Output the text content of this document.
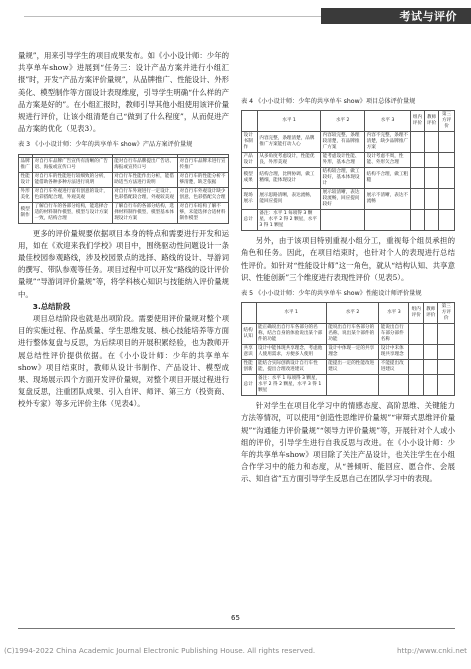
考试与评价

量规”，用来引导学生的项目成果发布。如《小小设计师：少年的共享单车show》进展到“任务三：设计产品方案并进行小组汇报”时，开发“产品方案评价量规”，从品牌推广、性能设计、外形美化、模型制作等方面设计表现维度，引导学生明确“什么样的产品方案是好的”。在小组汇报时，教师引导其他小组使用该评价量规进行评价，让该小组清楚自己“做到了什么程度”，从而促进产品方案的优化（见表3）。

表 3 《小小设计师：少年的共享单车 show》产品方案评价量规

品牌推广	对自行车品牌广告宣传有清晰的广告语、海报或宣传口号	能对自行车品牌提出广告语、海报或宣传口号	对自行车品牌未进行宣传推广
性能设计	对自行车的性能进行较细致的分析，能借助各种多种方法进行说明	对自行车性能作出分析，能借助适当方法进行说明	对自行车的性能分析不够清楚，缺乏依据
外形美化	对自行车外观进行富有创意的设计，色彩搭配合理，外观美观	对自行车外观进行一定设计，色彩搭配较合理，外观较美观	对自行车外观设计缺少创意，色彩搭配欠合理
模型制作	了解自行车的各部分结构，能选择合适的材料制作模型，模型与设计方案一致，结构合理	了解自行车的各部分结构，选择材料制作模型，模型基本体现设计方案	对自行车结构了解不够，未能选择合适材料制作模型

更多的评价量规要依据项目本身的特点和需要进行开发和运用，如在《欢迎来我们学校》项目中，围绕驱动性问题设计一条最佳校园参观路线，涉及校园景点的选择、路线的设计、导游词的撰写、带队参观等任务。项目过程中可以开发“路线的设计评价量规”“导游词评价量规”等，将学科核心知识与技能纳入评价量规中。

3.总结阶段

项目总结阶段也就是出项阶段。需要使用评价量规对整个项目的实施过程、作品质量、学生思维发展、核心技能培养等方面进行整体复盘与反思，为后续项目的开展积累经验，也为教师开展总结性评价提供依据。在《小小设计师：少年的共享单车show》项目结束时，教师从设计书制作、产品设计、模型成果、现场展示四个方面开发评价量规，对整个项目开展过程进行复盘反思，注重团队成果、引入自评、师评、第三方（投资商、校外专家）等多元评价主体（见表4）。

表 4 《小小设计师：少年的共享单车 show》项目总体评价量规
	水平 1	水平 2	水平 3	组内评价	教师评价	第三方评价
设计书制作	内容完整，条理清楚，品牌推广方案能打动人心	内容较完整，条理较清楚，有品牌推广方案	内容不完整，条理不清楚，缺少品牌推广方案			
产品设计	从多角度考虑设计，性能优良，外形美观	能考虑设计性能、外形，基本合理	设计考虑不周，性能、外形欠合理			
模型成果	结构合理，比例协调，做工精细，能体现设计	结构较合理，做工较好，基本体现设计	结构不合理，做工粗糙			
现场展示	展示思路清晰，表达流畅，能回应提问	展示较清晰，表达较流畅，回应提问较好	展示不清晰，表达不流畅			
总计	备注：水平 1 每项得 3 颗星，水平 2 得 2 颗星，水平 3 得 1 颗星					

另外，由于该项目特别重视小组分工，重视每个组员承担的角色和任务。因此，在项目结束时，也针对个人的表现进行总结性评价。如针对“性能设计师”这一角色，就从“结构认知、共享意识、性能创新”三个维度进行表现性评价（见表5）。

表 5 《小小设计师：少年的共享单车 show》性能设计师评价量规
	水平 1	水平 2	水平 3	组内评价	教师评价	第三方评价
结构认知	能正确说出自行车各部分的名称，结合自身的体验说出某个部件的功能	能说出自行车各部分的名称，说出某个部件的功能	能说出自行车部分部件名称			
共享意识	设计中能体现共享理念，考虑他人使用需求，方便多人使用	设计中体现一定的共享理念	设计中未体现共享理念			
性能创新	能结合实际创新设计自行车性能，提出合理改进建议	能提出一定的性能改进建议	不能提出改进建议			
总计	备注：水平 1 每项得 3 颗星，水平 2 得 2 颗星，水平 3 得 1 颗星					

针对学生在项目化学习中的情感态度、高阶思维、关键能力方法等情况，可以使用“创造性思维评价量规”“审辩式思维评价量规”“沟通能力评价量规”“领导力评价量规”等，开展针对个人或小组的评价，引导学生进行自我反思与改进。在《小小设计师：少年的共享单车show》项目除了关注产品设计，也关注学生在小组合作学习中的能力和态度，从“善倾听、能回应、愿合作、会展示、知自省”五方面引导学生反思自己在团队学习中的表现。

65
(C)1994-2022 China Academic Journal Electronic Publishing House. All rights reserved.	http://www.cnki.net
